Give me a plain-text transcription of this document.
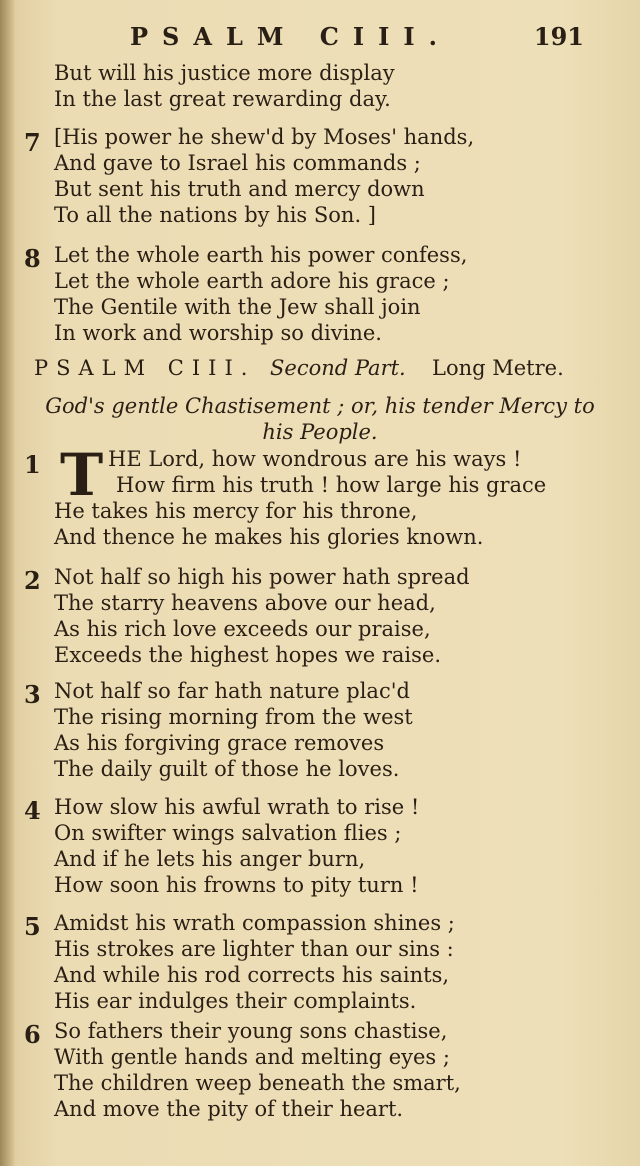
PSALM CIII.	191
But will his justice more display
In the last great rewarding day.
7 [His power he shew'd by Moses' hands,
And gave to Israel his commands ;
But sent his truth and mercy down
To all the nations by his Son. ]
8 Let the whole earth his power confess,
Let the whole earth adore his grace ;
The Gentile with the Jew shall join
In work and worship so divine.
PSALM CIII. Second Part. Long Metre.
God's gentle Chastisement ; or, his tender Mercy to
his People.
1 T HE Lord, how wondrous are his ways !
How firm his truth ! how large his grace
He takes his mercy for his throne,
And thence he makes his glories known.
2 Not half so high his power hath spread
The starry heavens above our head,
As his rich love exceeds our praise,
Exceeds the highest hopes we raise.
3 Not half so far hath nature plac'd
The rising morning from the west
As his forgiving grace removes
The daily guilt of those he loves.
4 How slow his awful wrath to rise !
On swifter wings salvation flies ;
And if he lets his anger burn,
How soon his frowns to pity turn !
5 Amidst his wrath compassion shines ;
His strokes are lighter than our sins :
And while his rod corrects his saints,
His ear indulges their complaints.
6 So fathers their young sons chastise,
With gentle hands and melting eyes ;
The children weep beneath the smart,
And move the pity of their heart.
